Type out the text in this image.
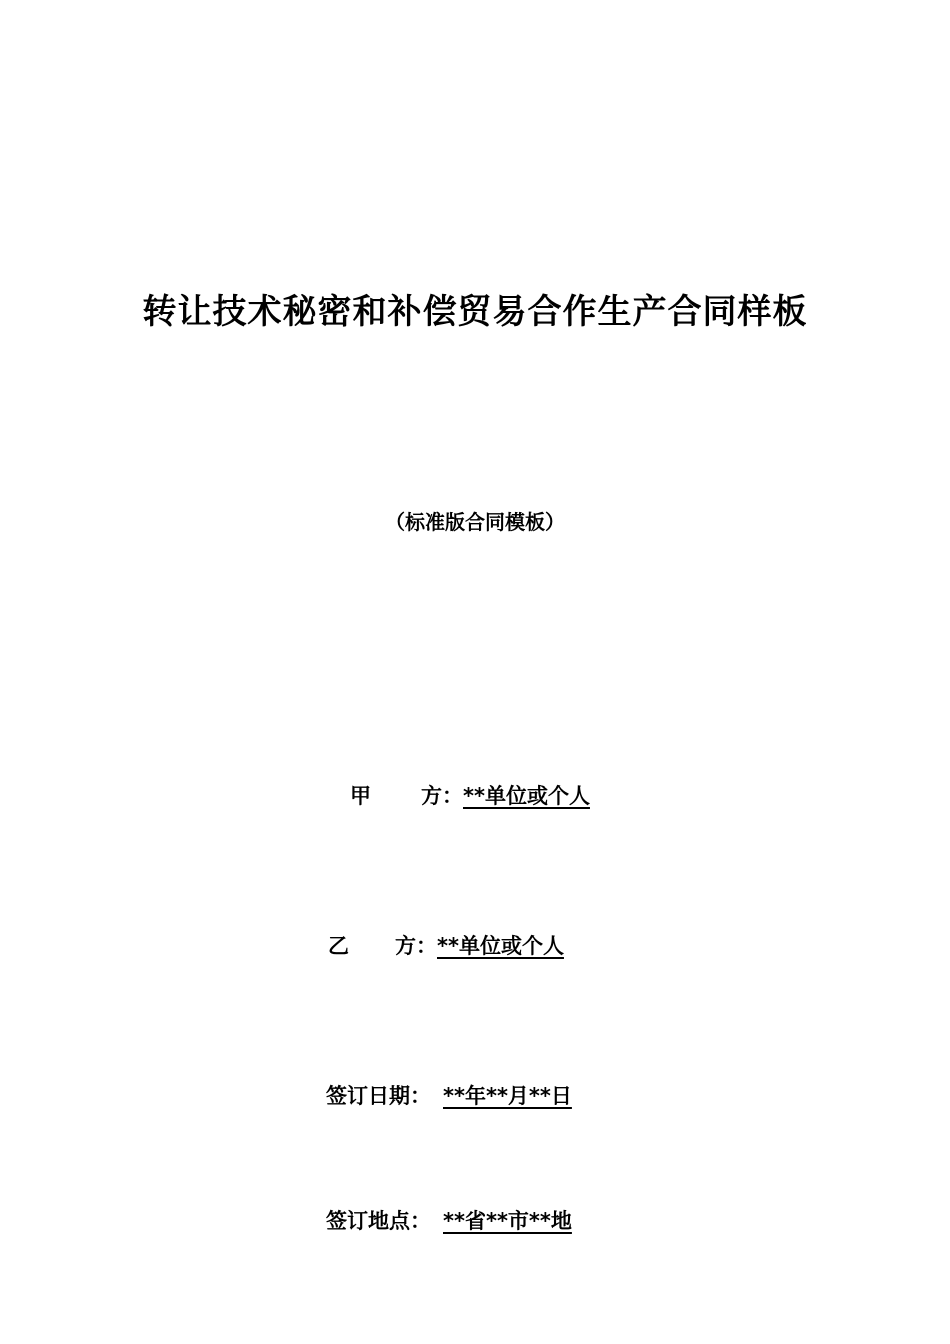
转让技术秘密和补偿贸易合作生产合同样板
（标准版合同模板）
甲 方：**单位或个人
乙 方：**单位或个人
签订日期： **年**月**日
签订地点： **省**市**地
